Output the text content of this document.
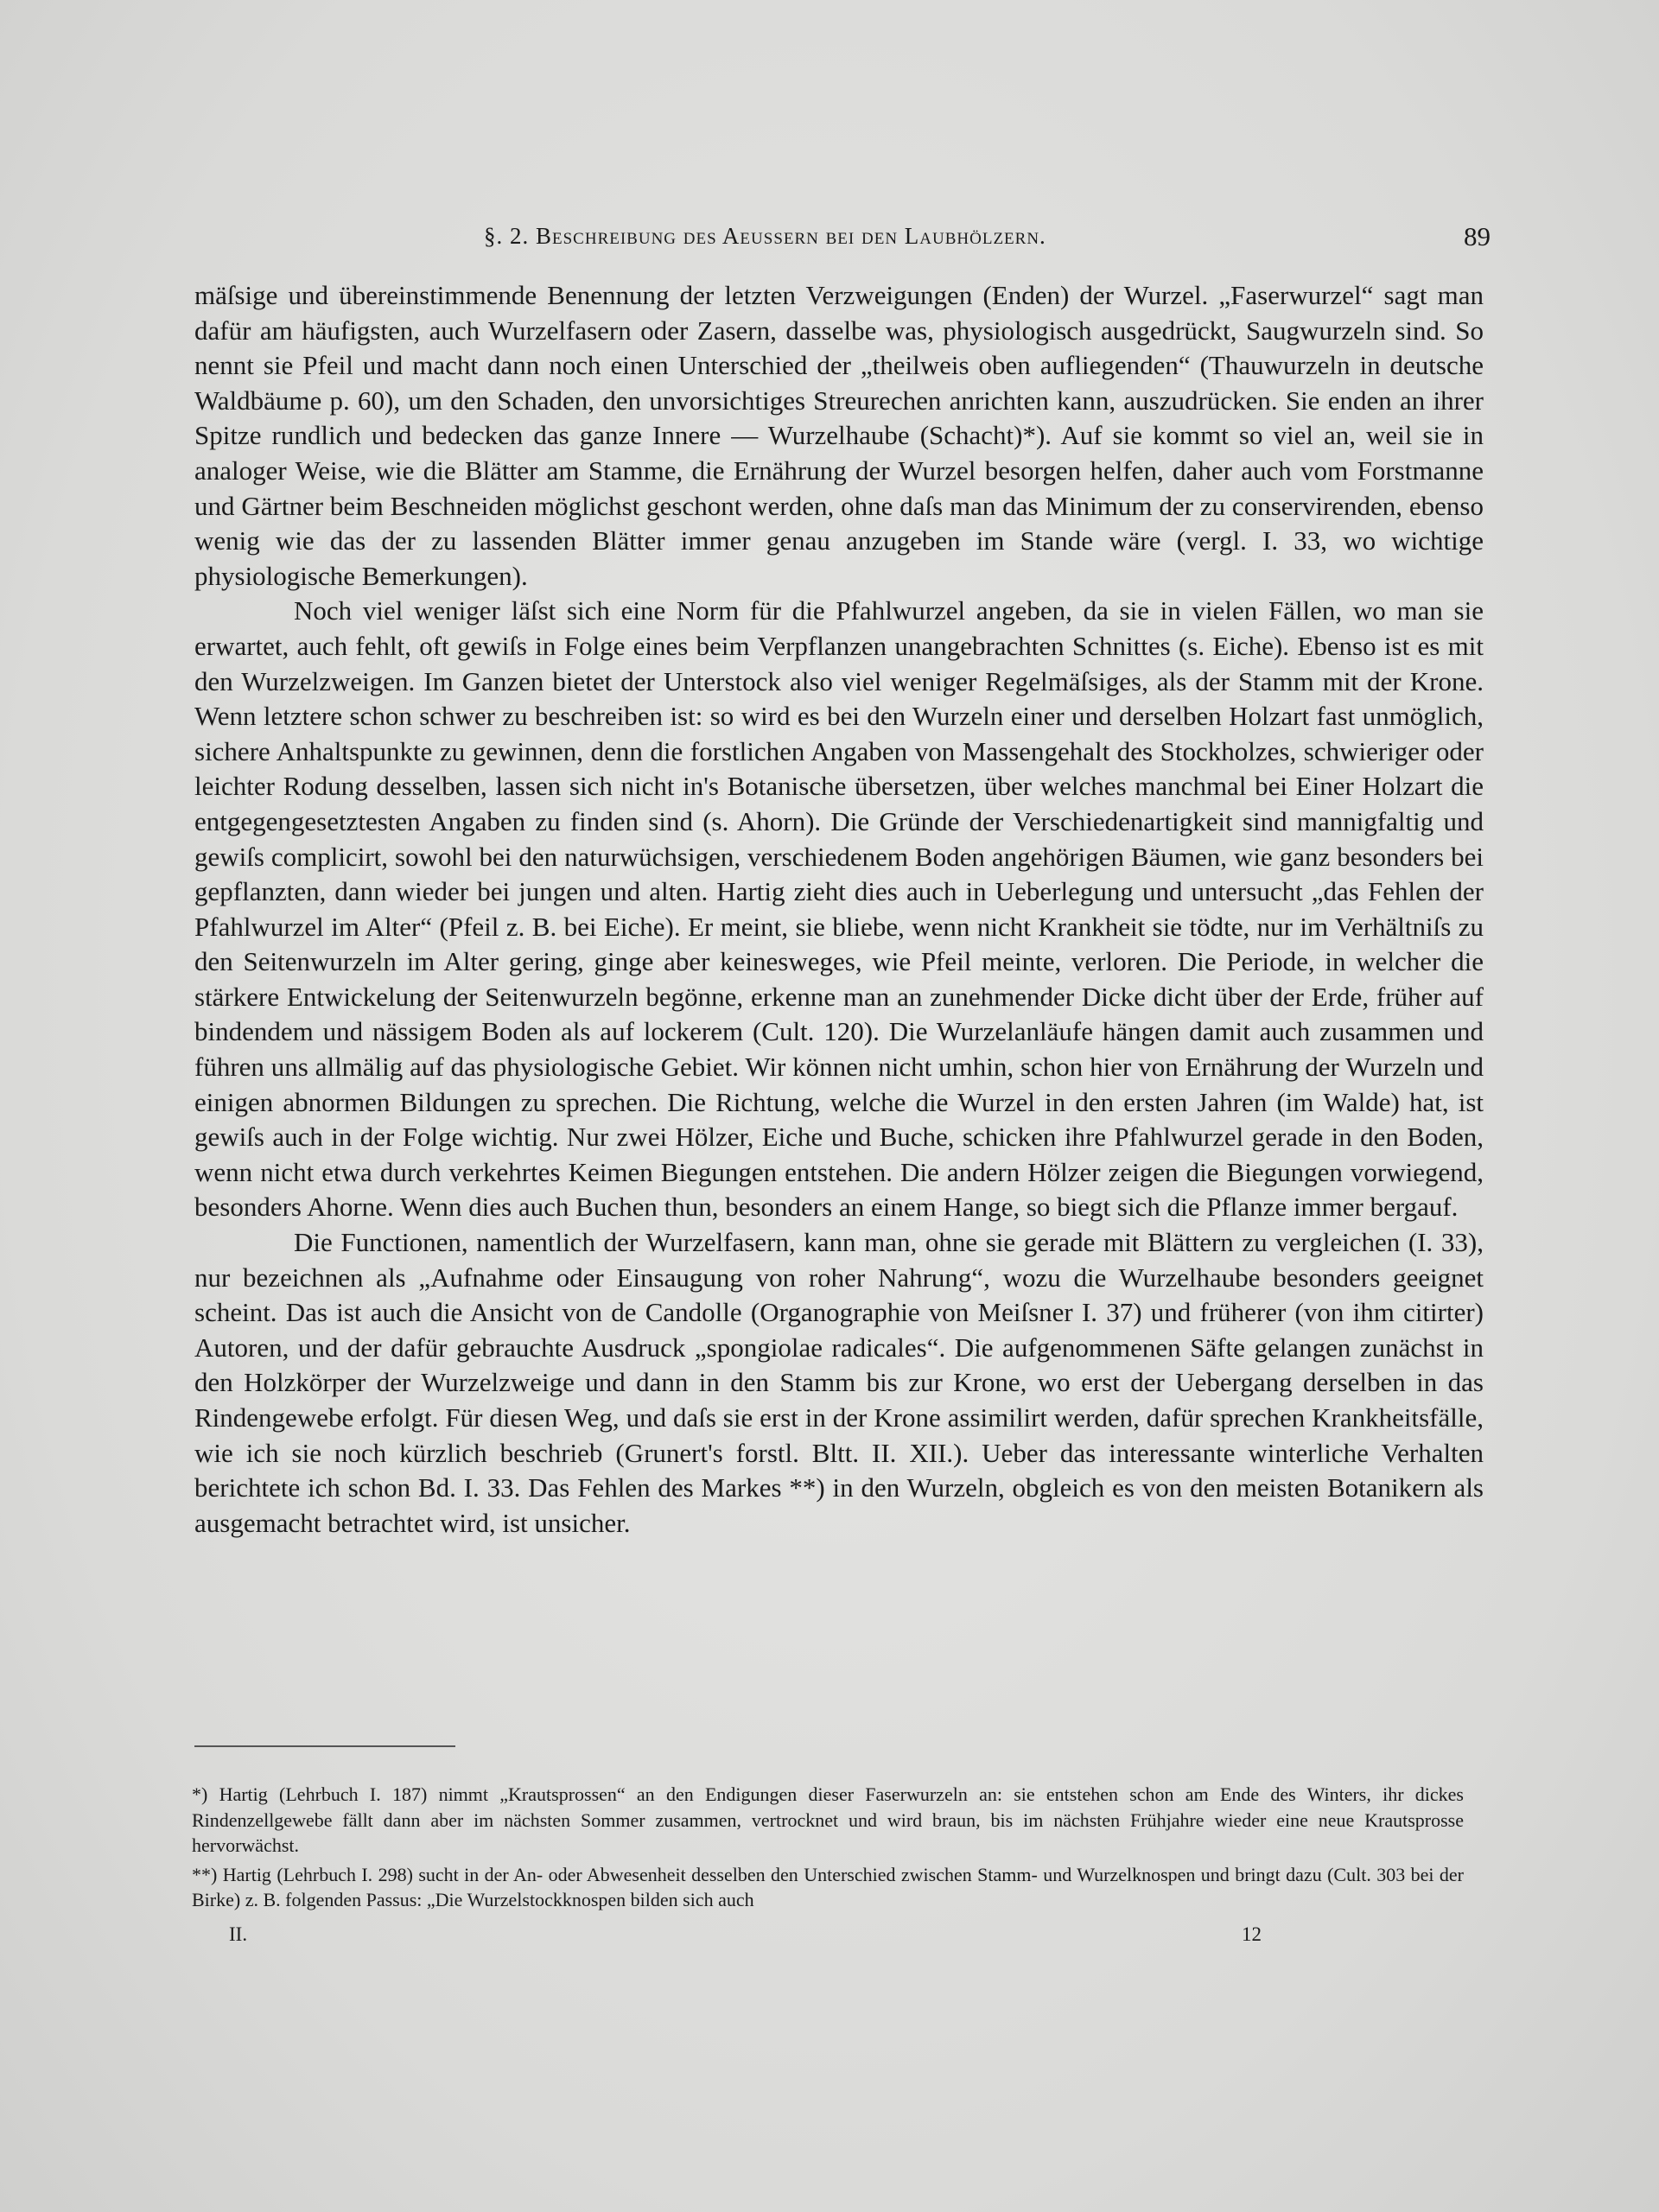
§. 2. Beschreibung des Aeussern bei den Laubhölzern.	89

mäſsige und übereinstimmende Benennung der letzten Verzweigungen (Enden) der Wurzel. „Faserwurzel“ sagt man dafür am häufigsten, auch Wurzelfasern oder Zasern, dasselbe was, physiologisch ausgedrückt, Saugwurzeln sind. So nennt sie Pfeil und macht dann noch einen Unterschied der „theilweis oben aufliegenden“ (Thauwurzeln in deutsche Waldbäume p. 60), um den Schaden, den unvorsichtiges Streurechen anrichten kann, auszudrücken. Sie enden an ihrer Spitze rundlich und bedecken das ganze Innere — Wurzelhaube (Schacht)*). Auf sie kommt so viel an, weil sie in analoger Weise, wie die Blätter am Stamme, die Ernährung der Wurzel besorgen helfen, daher auch vom Forstmanne und Gärtner beim Beschneiden möglichst geschont werden, ohne daſs man das Minimum der zu conservirenden, ebenso wenig wie das der zu lassenden Blätter immer genau anzugeben im Stande wäre (vergl. I. 33, wo wichtige physiologische Bemerkungen).

Noch viel weniger läſst sich eine Norm für die Pfahlwurzel angeben, da sie in vielen Fällen, wo man sie erwartet, auch fehlt, oft gewiſs in Folge eines beim Verpflanzen unangebrachten Schnittes (s. Eiche). Ebenso ist es mit den Wurzelzweigen. Im Ganzen bietet der Unterstock also viel weniger Regelmäſsiges, als der Stamm mit der Krone. Wenn letztere schon schwer zu beschreiben ist: so wird es bei den Wurzeln einer und derselben Holzart fast unmöglich, sichere Anhaltspunkte zu gewinnen, denn die forstlichen Angaben von Massengehalt des Stockholzes, schwieriger oder leichter Rodung desselben, lassen sich nicht in's Botanische übersetzen, über welches manchmal bei Einer Holzart die entgegengesetztesten Angaben zu finden sind (s. Ahorn). Die Gründe der Verschiedenartigkeit sind mannigfaltig und gewiſs complicirt, sowohl bei den naturwüchsigen, verschiedenem Boden angehörigen Bäumen, wie ganz besonders bei gepflanzten, dann wieder bei jungen und alten. Hartig zieht dies auch in Ueberlegung und untersucht „das Fehlen der Pfahlwurzel im Alter“ (Pfeil z. B. bei Eiche). Er meint, sie bliebe, wenn nicht Krankheit sie tödte, nur im Verhältniſs zu den Seitenwurzeln im Alter gering, ginge aber keinesweges, wie Pfeil meinte, verloren. Die Periode, in welcher die stärkere Entwickelung der Seitenwurzeln begönne, erkenne man an zunehmender Dicke dicht über der Erde, früher auf bindendem und nässigem Boden als auf lockerem (Cult. 120). Die Wurzelanläufe hängen damit auch zusammen und führen uns allmälig auf das physiologische Gebiet. Wir können nicht umhin, schon hier von Ernährung der Wurzeln und einigen abnormen Bildungen zu sprechen. Die Richtung, welche die Wurzel in den ersten Jahren (im Walde) hat, ist gewiſs auch in der Folge wichtig. Nur zwei Hölzer, Eiche und Buche, schicken ihre Pfahlwurzel gerade in den Boden, wenn nicht etwa durch verkehrtes Keimen Biegungen entstehen. Die andern Hölzer zeigen die Biegungen vorwiegend, besonders Ahorne. Wenn dies auch Buchen thun, besonders an einem Hange, so biegt sich die Pflanze immer bergauf.

Die Functionen, namentlich der Wurzelfasern, kann man, ohne sie gerade mit Blättern zu vergleichen (I. 33), nur bezeichnen als „Aufnahme oder Einsaugung von roher Nahrung“, wozu die Wurzelhaube besonders geeignet scheint. Das ist auch die Ansicht von de Candolle (Organographie von Meiſsner I. 37) und früherer (von ihm citirter) Autoren, und der dafür gebrauchte Ausdruck „spongiolae radicales“. Die aufgenommenen Säfte gelangen zunächst in den Holzkörper der Wurzelzweige und dann in den Stamm bis zur Krone, wo erst der Uebergang derselben in das Rindengewebe erfolgt. Für diesen Weg, und daſs sie erst in der Krone assimilirt werden, dafür sprechen Krankheitsfälle, wie ich sie noch kürzlich beschrieb (Grunert's forstl. Bltt. II. XII.). Ueber das interessante winterliche Verhalten berichtete ich schon Bd. I. 33. Das Fehlen des Markes **) in den Wurzeln, obgleich es von den meisten Botanikern als ausgemacht betrachtet wird, ist unsicher.

*) Hartig (Lehrbuch I. 187) nimmt „Krautsprossen“ an den Endigungen dieser Faserwurzeln an: sie entstehen schon am Ende des Winters, ihr dickes Rindenzellgewebe fällt dann aber im nächsten Sommer zusammen, vertrocknet und wird braun, bis im nächsten Frühjahre wieder eine neue Krautsprosse hervorwächst.

**) Hartig (Lehrbuch I. 298) sucht in der An- oder Abwesenheit desselben den Unterschied zwischen Stamm- und Wurzelknospen und bringt dazu (Cult. 303 bei der Birke) z. B. folgenden Passus: „Die Wurzelstockknospen bilden sich auch

II.	12
